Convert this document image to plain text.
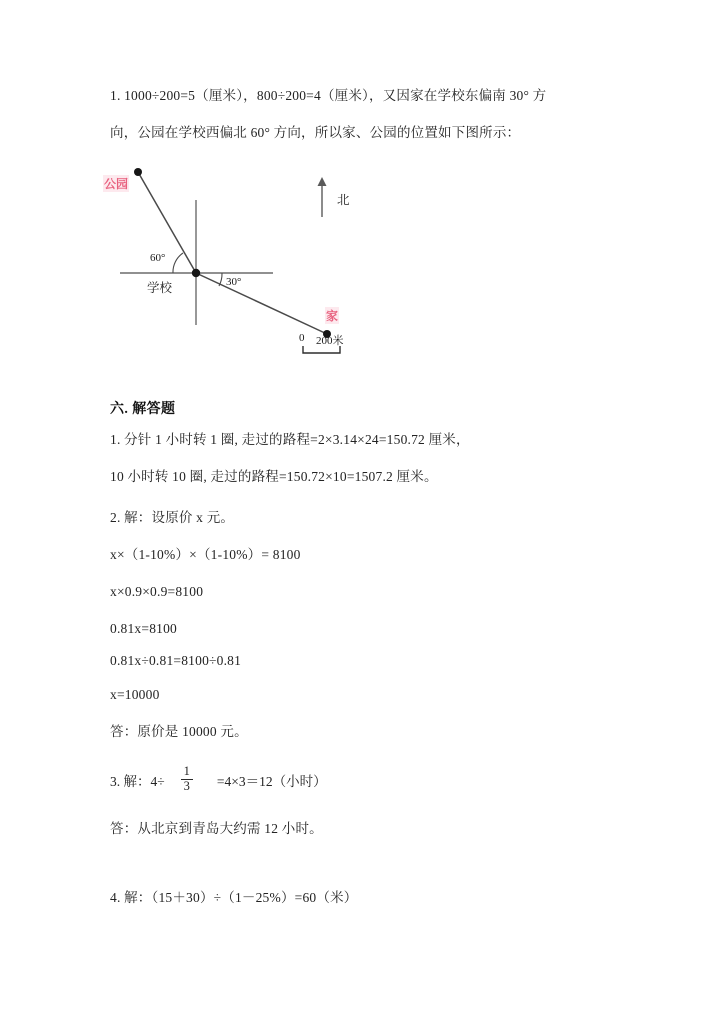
1. 1000÷200=5（厘米），800÷200=4（厘米），又因家在学校东偏南 30° 方
向，公园在学校西偏北 60° 方向，所以家、公园的位置如下图所示：
公园
学校
家
北
60°
30°
0 200米
六. 解答题
1. 分针 1 小时转 1 圈, 走过的路程=2×3.14×24=150.72 厘米，
10 小时转 10 圈, 走过的路程=150.72×10=1507.2 厘米。
2. 解：设原价 x 元。
x×（1-10%）×（1-10%）= 8100
x×0.9×0.9=8100
0.81x=8100
0.81x÷0.81=8100÷0.81
x=10000
答：原价是 10000 元。
3. 解：$4\div \frac{1}{3} =4\times 3=12$（小时）
答：从北京到青岛大约需 12 小时。
4. 解：（15＋30）÷（1－25%）=60（米）
